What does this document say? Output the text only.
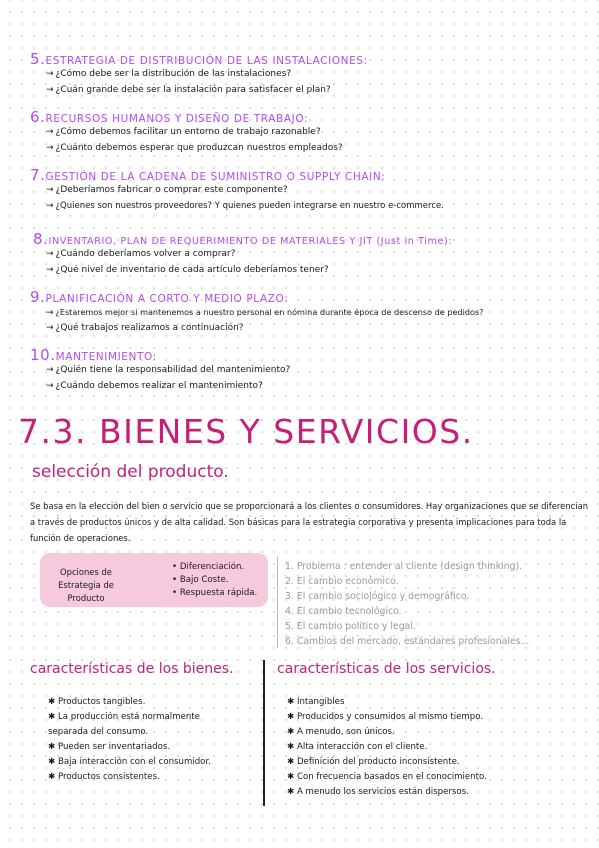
5.ESTRATEGIA DE DISTRIBUCIÓN DE LAS INSTALACIONES:
→ ¿Cómo debe ser la distribución de las instalaciones?
→ ¿Cuán grande debe ser la instalación para satisfacer el plan?
6.RECURSOS HUMANOS Y DISEÑO DE TRABAJO:
→ ¿Cómo debemos facilitar un entorno de trabajo razonable?
→ ¿Cuánto debemos esperar que produzcan nuestros empleados?
7.GESTIÓN DE LA CADENA DE SUMINISTRO O SUPPLY CHAIN:
→ ¿Deberíamos fabricar o comprar este componente?
→ ¿Quienes son nuestros proveedores? Y quienes pueden integrarse en nuestro e-commerce.
8.INVENTARIO, PLAN DE REQUERIMIENTO DE MATERIALES Y JIT (Just in Time):
→ ¿Cuándo deberíamos volver a comprar?
→ ¿Qué nivel de inventario de cada artículo deberíamos tener?
9.PLANIFICACIÓN A CORTO Y MEDIO PLAZO:
→ ¿Estaremos mejor si mantenemos a nuestro personal en nómina durante época de descenso de pedidos?
→ ¿Qué trabajos realizamos a continuación?
10.MANTENIMIENTO:
→ ¿Quién tiene la responsabilidad del mantenimiento?
→ ¿Cuándo debemos realizar el mantenimiento?
7.3. BIENES Y SERVICIOS.
selección del producto.
Se basa en la elección del bien o servicio que se proporcionará a los clientes o consumidores. Hay organizaciones que se diferencian a través de productos únicos y de alta calidad. Son básicas para la estrategia corporativa y presenta implicaciones para toda la función de operaciones.
Opciones de Estrategia de Producto
• Diferenciación.
• Bajo Coste.
• Respuesta rápida.
1. Problema : entender al cliente (design thinking).
2. El cambio económico.
3. El cambio sociológico y demográfico.
4. El cambio tecnológico.
5. El cambio político y legal.
6. Cambios del mercado, estándares profesionales...
características de los bienes.	características de los servicios.
✱ Productos tangibles.
✱ La producción está normalmente separada del consumo.
✱ Pueden ser inventariados.
✱ Baja interacción con el consumidor.
✱ Productos consistentes.
✱ Intangibles
✱ Producidos y consumidos al mismo tiempo.
✱ A menudo, son únicos.
✱ Alta interacción con el cliente.
✱ Definición del producto inconsistente.
✱ Con frecuencia basados en el conocimiento.
✱ A menudo los servicios están dispersos.
